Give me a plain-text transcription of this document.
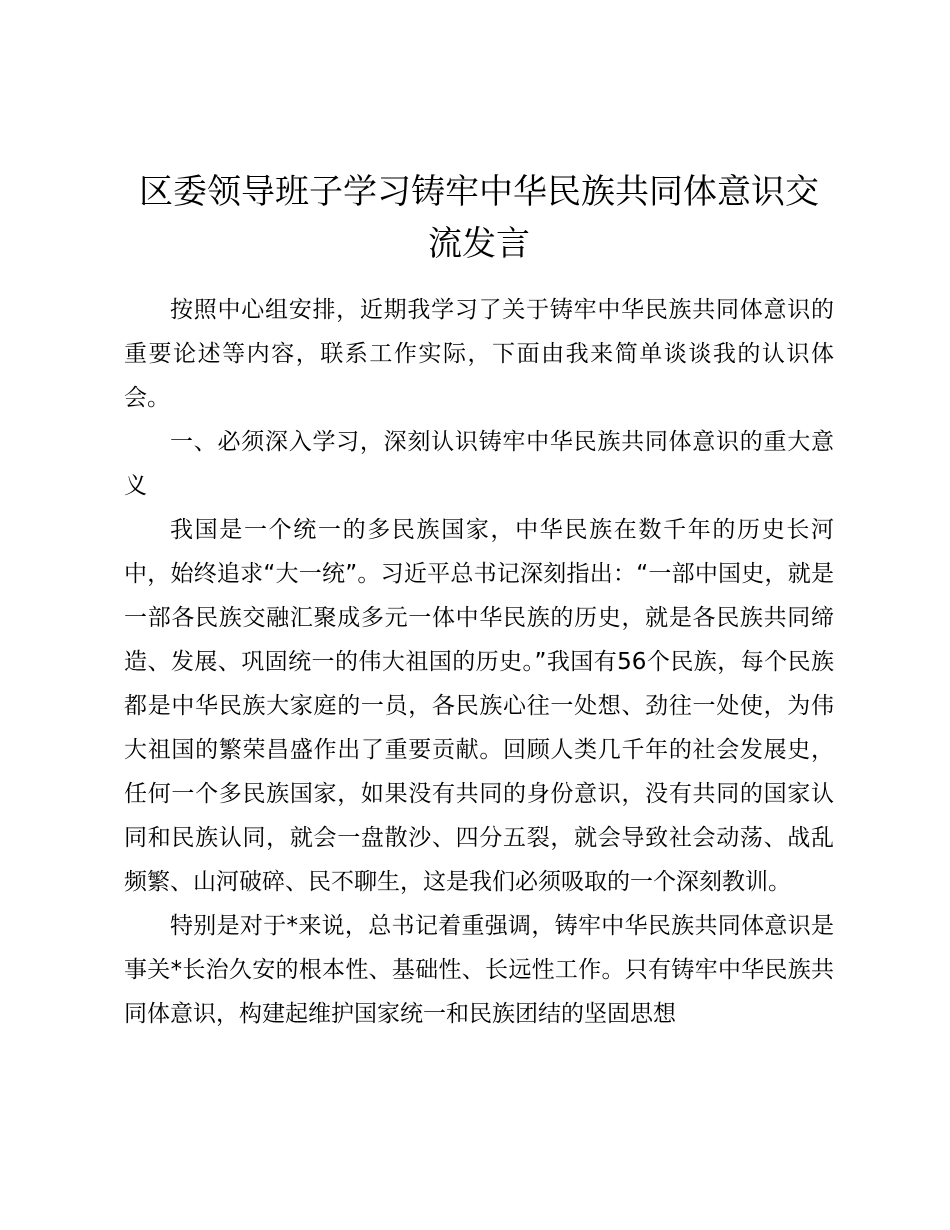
区委领导班子学习铸牢中华民族共同体意识交流发言

按照中心组安排，近期我学习了关于铸牢中华民族共同体意识的重要论述等内容，联系工作实际，下面由我来简单谈谈我的认识体会。

一、必须深入学习，深刻认识铸牢中华民族共同体意识的重大意义

我国是一个统一的多民族国家，中华民族在数千年的历史长河中，始终追求“大一统”。习近平总书记深刻指出：“一部中国史，就是一部各民族交融汇聚成多元一体中华民族的历史，就是各民族共同缔造、发展、巩固统一的伟大祖国的历史。”我国有56个民族，每个民族都是中华民族大家庭的一员，各民族心往一处想、劲往一处使，为伟大祖国的繁荣昌盛作出了重要贡献。回顾人类几千年的社会发展史，任何一个多民族国家，如果没有共同的身份意识，没有共同的国家认同和民族认同，就会一盘散沙、四分五裂，就会导致社会动荡、战乱频繁、山河破碎、民不聊生，这是我们必须吸取的一个深刻教训。

特别是对于*来说，总书记着重强调，铸牢中华民族共同体意识是事关*长治久安的根本性、基础性、长远性工作。只有铸牢中华民族共同体意识，构建起维护国家统一和民族团结的坚固思想
